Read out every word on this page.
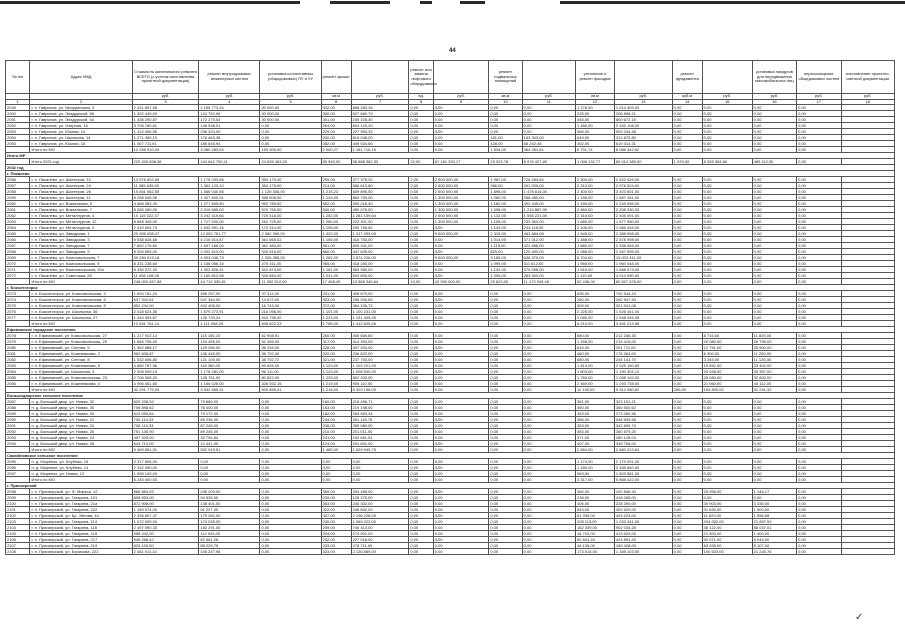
44
№ п/п	Адрес МКД	Стоимость капитального ремонта ВСЕГО (с учетом изготовления проектной документации)	ремонт внутридомовых инженерных систем	установка коллективных (общедомовых) ПУ и УУ	ремонт крыши		ремонт или замена лифтового оборудования		ремонт подвальных помещений		утепление и ремонт фасадов		ремонт фундамента		установка пандусов для передвижения маломобильных лиц	переоснащение общедомовых систем	изготовление проектно-сметной документации
		руб.	руб.	руб.	кв.м	руб.	ед.	руб.	кв.м	руб.	кв.м	руб.	куб.м	руб.	руб.	руб.	руб.
1	2	3	4	5	6	7	8	9	10	11	12	13	14	15	16	17	18
2049	г. п. Гаврилов, ул. Мичуринская, 3	2 421 897,58	2 156 773,24	30 000,00	342,00	868 283,16	0,00	0,00	0,00	0,00	1 278,00	1 014 409,00	0,00	0,00	0,00	0,00	
2050	г. п. Гаврилов, ул. Эладурской, 56	1 302 449,09	124 752,96	30 000,00	300,00	927 660,79	0,00	0,00	0,00	0,00	225,00	205 898,21	0,00	0,00	0,00	0,00	
2051	г. п. Гаврилов, ул. Эладурской, 54	1 338 290,87	172 275,53	30 000,00	301,00	245 105,30	0,00	0,00	0,00	0,00	445,00	800 672,15	0,00	0,00	0,00	0,00	
2052	г. п. Гаврилов, ул. Озерная, 16	3 708 780,61	148 538,01	0,00	264,00	604 125,20	0,00	0,00	0,00	0,00	1 480,00	2 153 108,00	0,00	0,00	0,00	0,00	
2053	г. п. Гаврилов, ул. Южная, 14	1 412 496,56	236 324,09	0,00	229,00	227 953,32	0,00	0,00	0,00	0,00	966,00	902 244,48	0,00	0,00	0,00	0,00	
2054	г. п. Гаврилов, ул. Школьная, 14	1 271 450,10	176 463,38	0,00	200,00	619 048,20	0,00	0,00	181,00	163 303,00	649,00	312 875,80	0,00	0,00	0,00	0,00	
2055	г. п. Гаврилов, ул. Южная, 16	1 067 711,61	185 645,94	0,00	382,00	449 534,66	0,00	0,00	428,00	56 242,48	492,00	619 314,31	0,00	0,00	0,00	0,00	
	Итого по МО	12 256 910,09	3 080 283,54	150 000,00	2 000,27	1 181 716,16	0,00	0,00	1 634,00	364 281,61	6 731,74	8 086 342,62	0,00	0,00	0,00	0,00	
Итого МР																	
	Итого 2031 год	229 340 898,36	104 642 750,11	24 605 463,20	55 940,00	58 888 382,33	22,00	67 161 330,17	29 323,78	8 976 427,80	1 096 132,77	69 014 389,00	1 229,00	8 326 354,66	489 112,50	0,00	
2032 год																	
г. Пикалево																	
2056	г. п. Пикалево, ул. Шахтеров, 10	13 576 802,59	1 175 033,56	354 179,00	295,00	377 378,20	2,00	2 600 000,00	1 987,00	726 284,84	2 300,00	2 522 426,00	0,00	0,00	0,00	0,00	
2057	г. п. Пикалево, ул. Шахтеров, 24	11 385 639,60	1 362 120,10	354 179,00	213,00	566 613,80	2,00	2 600 000,00	986,00	261 200,00	2 310,00	2 976 524,00	0,00	0,00	0,00	0,00	
2058	г. п. Пикалево, ул. Шахтеров, 26	15 851 062,59	1 566 040,55	1 126 306,00	1 215,23	839 895,50	0,00	2 600 000,00	1 898,00	1 478 816,00	2 400,00	3 403 601,00	0,00	0,00	0,00	0,00	
2059	г. п. Пикалево, ул. Шахтеров, 11	8 298 545,06	1 427 600,01	398 508,00	1 126,00	863 755,00	0,00	1 300 000,00	1 080,00	268 480,00	1 156,00	1 667 261,00	0,00	0,00	0,00	0,00	
2060	г. п. Пикалево, ул. Вокзальная, 5	4 668 383,39	1 277 809,50	952 789,00	562,00	305 218,40	0,00	1 300 000,00	1 182,00	492 445,00	2 159,00	2 249 996,00	0,00	0,00	0,00	0,00	
2061	г. п. Пикалево, ул. Вокзальная, 7	8 265 450,00	2 319 665,00	570 750,00	540,00	450 076,00	0,00	1 300 000,00	1 098,00	1 214 887,00	2 660,00	2 208 330,00	0,00	0,00	0,00	0,00	
2062	г. п. Пикалево, ул. Металлургов, 4	10 115 022,47	3 242 419,66	720 316,00	1 252,00	1 281 139,64	0,00	2 600 000,00	1 132,00	1 058 221,00	2 310,00	2 405 091,00	0,00	0,00	0,00	0,00	
2063	г. п. Пикалево, ул. Металлургов, 12	8 858 345,00	1 717 000,00	262 729,00	1 080,00	222 301,00	0,00	1 300 000,00	1 108,00	233 360,00	1 689,00	1 577 060,00	0,00	0,00	0,00	0,00	
2064	г. п. Пикалево, ул. Металлургов, 2	2 410 504,74	1 942 991,16	170 314,00	1 155,00	290 796,82	0,00	0,00	1 143,00	243 118,00	2 106,00	1 966 446,00	0,00	0,00	0,00	0,00	
2065	г. п. Пикалево, ул. Заводская, 1	20 306 008,47	12 052 751,77	2 382 399,00	1 422,00	1 317 099,00	0,00	9 600 000,00	2 315,00	463 884,08	1 945,00	2 388 998,00	0,00	0,00	0,00	0,00	
2066	г. п. Пикалево, ул. Заводская, 3	9 538 628,66	4 216 514,87	361 665,02	1 156,00	416 753,00	0,00	0,00	1 014,00	371 012,00	1 488,00	2 578 998,00	0,00	0,00	0,00	0,00	
2067	г. п. Пикалево, ул. Заводская, 7	7 662 176,60	1 657 166,00	361 383,00	561,00	605 341,00	0,00	0,00	1 115,00	422 888,00	1 880,00	2 338 464,00	0,00	0,00	0,00	0,00	
2068	г. п. Пикалево, ул. Заводская, 9	8 926 855,00	2 002 813,00	320 516,00	660,00	447 626,00	0,00	0,00	825,00	120 490,00	2 088,00	2 267 995,00	0,00	0,00	0,00	0,00	
2069	г. п. Пикалево, ул. Комсомольская, 7	39 284 013,18	4 903 046,73	1 326 356,00	1 262,00	2 874 226,00	0,00	9 600 000,00	3 165,00	636 370,00	6 704,00	19 003 411,00	0,00	0,00	0,00	0,00	
2070	г. п. Пикалево, ул. Комсомольская, 9	8 331 238,60	1 166 066,15	475 311,00	965,00	418 260,00	0,00	0,00	1 099,00	311 612,00	1 955,00	1 960 048,00	0,00	0,00	0,00	0,00	
2071	г. п. Пикалево, ул. Комсомольская, 10а	8 330 372,33	1 302 826,91	322 874,00	1 161,00	583 960,00	0,00	0,00	1 132,00	379 058,00	1 615,00	1 666 373,00	0,00	0,00	0,00	0,00	
2072	г. п. Пикалево, ул. Советская, 26	11 008 108,06	1 160 812,98	326 860,00	1 041,00	503 800,00	0,00	0,00	1 095,00	283 300,00	2 110,00	4 014 990,00	0,00	0,00	0,00	0,00	
	Итого по МО	246 000 457,88	44 712 330,81	11 052 512,00	17 468,40	15 566 346,64	10,00	42 900 000,00	25 623,00	11 173 945,46	52 436,00	80 627 876,00	0,00	0,00	0,00	0,00	
г. Бокситогорск																	
2073	г. п. Бокситогорск, ул. Комсомольская, 4	1 694 781,24	456 257,00	37 311,00	231,00	408 679,00	0,00	0,00	0,00	0,00	635,00	792 544,24	0,00	0,00	0,00	0,00	
2074	г. п. Бокситогорск, ул. Комсомольская, 6	637 942,61	547 344,00	14 672,00	403,00	256 200,65	0,00	0,00	0,00	0,00	260,00	262 947,94	0,00	0,00	0,00	0,00	
2075	г. п. Бокситогорск, ул. Комсомольская, 8	852 244,00	402 406,00	16 743,00	372,00	364 106,72	0,00	0,00	0,00	0,00	309,00	321 041,08	0,00	0,00	0,00	0,00	
2076	г. п. Бокситогорск, ул. Школьная, 36	2 418 624,35	1 579 273,91	216 056,00	1 101,00	1 100 231,00	0,00	0,00	0,00	0,00	2 226,00	1 526 441,04	0,00	0,00	0,00	0,00	
2077	г. п. Бокситогорск, ул. Школьная, 27	1 444 393,67	126 733,24	204 736,00	1 223,00	1 131 405,05	0,00	0,00	0,00	0,00	2 080,00	1 548 345,95	0,00	0,00	0,00	0,00	
	Итого по МО	12 541 761,14	1 111 958,29	838 822,23	1 785,00	1 412 629,06	0,00	0,00	0,00	0,00	6 210,00	3 451 219,96	0,00	0,00	0,00	0,00	
Ефимовское городское поселение																	
2078	г. п. Ефимовский, ул. Комсомольская, 27	1 217 922,14	115 155,23	62 908,91	260,00	406 669,80	0,00	0,00	0,00	0,00	680,00	212 258,30	0,00	8 716,60	11 825,00	0,00	
2079	г. п. Ефимовский, ул. Комсомольская, 29	1 665 758,00	124 455,00	52 306,00	317,00	414 393,00	0,00	0,00	0,00	0,00	1 258,00	215 415,00	0,00	20 080,00	26 795,00	0,00	
2080	г. п. Ефимовский, ул. Сенная, 5	1 362 888,17	129 280,00	36 226,00	228,00	437 203,00	0,00	0,00	0,00	0,00	615,00	201 711,00	0,00	12 751,00	26 900,00	0,00	
2081	г. п. Ефимовский, ул. Кожевникова, 2	962 608,87	136 445,00	36 702,00	320,00	236 822,00	0,00	0,00	0,00	0,00	460,00	176 264,00	0,00	6 300,00	11 200,00	0,00	
2082	г. п. Ефимовский, ул. Сенная, 8	1 532 606,80	121 100,00	38 702,72	321,00	237 753,00	0,00	0,00	0,00	0,00	680,00	244 141,70	0,00	3 345,00	11 126,30	0,00	
2083	г. п. Ефимовский, ул. Кожевникова, 5	4 680 787,96	118 380,00	89 626,00	1 123,00	1 103 221,00	0,00	0,00	0,00	0,00	1 614,00	2 025 150,60	0,00	15 852,00	23 402,00	0,00	
2084	г. п. Ефимовский, ул. Школьная, 3	2 308 949,19	1 178 281,00	96 111,00	1 123,00	1 008 500,00	0,00	0,00	0,00	0,00	1 603,00	1 190 301,12	0,00	20 048,00	35 357,00	0,00	
2085	г. п. Ефимовский, ул. Комсомольская, 23	2 706 308,20	128 761,00	80 822,00	1 233,00	802 200,00	0,00	0,00	0,00	0,00	1 760,00	1 058 102,00	0,00	25 080,00	32 802,00	0,00	
2086	г. п. Ефимовский, ул. Кожевникова, 4	4 996 461,60	1 166 026,00	326 552,15	1 219,00	905 110,00	0,00	0,00	0,00	0,00	2 460,00	1 293 738,00	0,00	21 060,00	44 112,00	0,00	
	Итого по МО	32 291 779,93	3 932 665,31	500 855,31	1 216,00	5 329 198,00	0,00	0,00	0,00	0,00	11 130,00	9 312 080,82	250,00	153 800,00	51 241,32	0,00	
Большедворское сельское поселение																	
2087	п. д. Большой двор, ул. Новая, 32	629 236,92	79 689,00	0,00	160,00	216 496,71	0,00	0,00	0,00	0,00	361,00	323 151,21	0,00	0,00	0,00	0,00	
2088	п. д. Большой двор, ул. Новая, 30	708 898,62	78 400,00	0,00	163,00	219 198,00	0,00	0,00	0,00	0,00	360,00	360 500,62	0,00	0,00	0,00	0,00	
2089	п. д. Большой двор, ул. Новая, 34	613 053,84	79 172,00	0,00	182,00	263 963,34	0,00	0,00	0,00	0,00	353,00	273 280,56	0,00	0,00	0,00	0,00	
2090	п. д. Большой двор, ул. Новая, 21	726 114,33	89 236,00	0,00	244,00	261 118,75	0,00	0,00	0,00	0,00	386,00	348 539,58	0,00	0,00	0,00	0,00	
2091	п. д. Большой двор, ул. Новая, 22	708 119,33	87 245,00	0,00	236,00	259 980,00	0,00	0,00	0,00	0,00	353,00	342 699,73	0,00	0,00	0,00	0,00	
2092	п. д. Большой двор, ул. Новая, 26	751 135,90	89 245,00	0,00	210,00	201 011,00	0,00	0,00	0,00	0,00	383,00	360 879,20	0,00	0,00	0,00	0,00	
2093	п. д. Большой двор, ул. Новая, 24	497 325,00	32 794,84	0,00	241,00	192 661,51	0,00	0,00	0,00	0,00	371,00	280 128,04	0,00	0,00	0,00	0,00	
2094	п. д. Большой двор, ул. Новая, 28	643 713,00	12 441,00	0,00	124,00	291 601,00	0,00	0,00	0,00	0,00	407,00	339 706,00	0,00	0,00	0,00	0,00	
	Итого по МО	5 069 851,01	552 919,51	0,00	1 480,00	1 629 949,75	0,00	0,00	0,00	0,00	2 664,00	2 660 213,64	0,00	0,00	0,00	0,00	
Самойловское сельское поселение																	
2095	п. д. Мыренко, ул. Клубная, 16	2 317 606,00	0,00	0,00	0,00	0,00	0,00	0,00	0,00	0,00	1 174,00	2 179 001,00	0,00	0,00	0,00	0,00	
2096	п. д. Мыренко, ул. Клубная, 14	2 332 090,00	0,00	0,00	0,00	0,00	0,00	0,00	0,00	0,00	1 180,00	2 185 840,00	0,00	0,00	0,00	0,00	
2097	п. д. Мыренко, ул. Новая, 12	1 595 100,00	0,00	0,00	0,00	0,00	0,00	0,00	0,00	0,00	963,00	1 503 581,00	0,00	0,00	0,00	0,00	
	Итого по МО	6 245 400,00	0,00	0,00	0,00	0,00	0,00	0,00	0,00	0,00	3 317,00	5 868 422,00	0,00	0,00	0,00	0,00	
г. Приозерский																	
2098	г. п. Приозерский, ул. Ф. Маркса, 12	886 884,93	245 200,00	0,00	389,00	334 458,00	0,00	0,00	0,00	0,00	360,00	192 846,34	0,00	25 956,00	1 146,17	0,00	
2099	г. п. Приозерский, ул. Гагарина, 101	808 953,00	94 535,00	0,00	239,00	125 275,00	0,00	0,00	0,00	0,00	236,00	418 285,00	0,00	0,00	0,00	0,00	
2100	г. п. Приозерский, ул. Гагарина, 21а	872 908,00	136 401,00	0,00	363,00	240 302,00	0,00	0,00	0,00	0,00	406,00	228 390,00	0,00	30 903,00	3 330,00	0,00	
2101	г. п. Приозерский, ул. Гагарина, 222	1 159 574,00	91 227,00	0,00	322,00	246 832,00	0,00	0,00	0,00	0,00	543,00	300 520,00	0,00	31 630,00	1 500,00	0,00	
2102	г. п. Приозерский, ул. Бр. Эйтова, 44	2 336 807,47	179 282,00	0,00	347,00	2 196 228,00	0,00	0,00	0,00	0,00	61 339,00	443 223,00	0,00	11 829,00	1 556,58	0,00	
2103	г. п. Приозерский, ул. Гагарина, 114	1 072 009,00	174 035,00	0,00	230,00	1 069 022,00	0,00	0,00	0,00	0,00	208 113,00	1 033 341,00	0,00	204 052,00	21 857,00	0,00	
2104	г. п. Приозерский, ул. Гагарина, 115	2 497 090,33	182 291,00	0,00	259,00	746 413,00	0,00	0,00	0,00	0,00	162 339,00	902 034,28	0,00	38 122,00	88 037,01	0,00	
2105	г. п. Приозерский, ул. Гагарина, 215	958 242,00	112 043,00	0,00	204,00	274 902,00	0,00	0,00	0,00	0,00	16 702,00	413 520,00	0,00	21 500,00	1 400,00	0,00	
2106	г. п. Приозерский, ул. Гагарина, 217	946 268,42	82 561,26	0,00	242,00	227 018,00	0,00	0,00	0,00	0,00	82 841,20	424 891,20	0,00	92 071,00	8 049,00	0,00	
2107	г. п. Приозерский, ул. Гагарина, 219	626 100,50	88 229,75	0,00	233,00	278 711,00	0,00	0,00	0,00	0,00	46 139,00	189 428,00	0,00	63 935,00	8 107,00	0,00	
2108	г. п. Приозерский, ул. Борисова, 222	2 461 011,14	106 247,98	0,00	323,00	2 126 689,00	0,00	0,00	0,00	0,00	173 515,00	1 165 103,00	0,00	100 633,00	21 245,76	0,00	
✓
